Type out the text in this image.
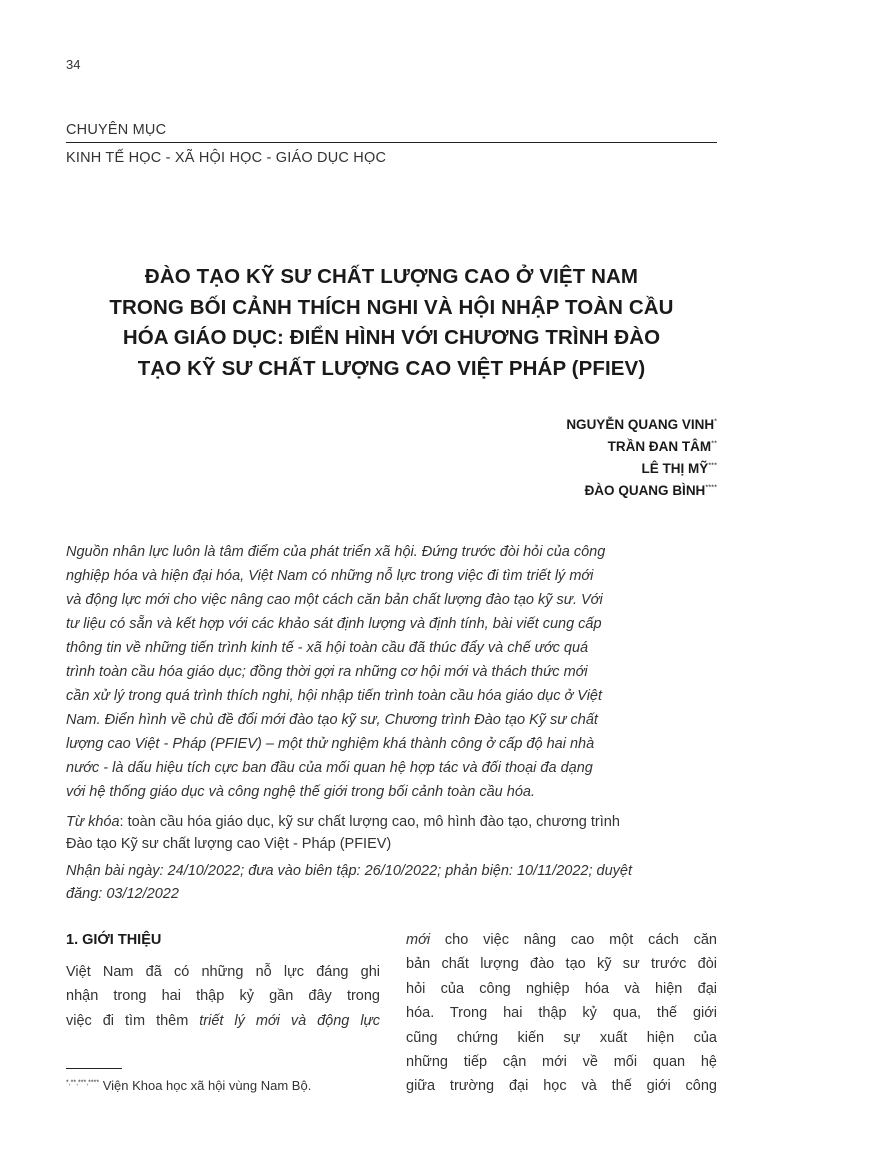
34
CHUYÊN MỤC
KINH TẾ HỌC - XÃ HỘI HỌC - GIÁO DỤC HỌC
ĐÀO TẠO KỸ SƯ CHẤT LƯỢNG CAO Ở VIỆT NAM
TRONG BỐI CẢNH THÍCH NGHI VÀ HỘI NHẬP TOÀN CẦU
HÓA GIÁO DỤC: ĐIỂN HÌNH VỚI CHƯƠNG TRÌNH ĐÀO
TẠO KỸ SƯ CHẤT LƯỢNG CAO VIỆT PHÁP (PFIEV)
NGUYỄN QUANG VINH*
TRẦN ĐAN TÂM**
LÊ THỊ MỸ***
ĐÀO QUANG BÌNH****
Nguồn nhân lực luôn là tâm điểm của phát triển xã hội. Đứng trước đòi hỏi của công
nghiệp hóa và hiện đại hóa, Việt Nam có những nỗ lực trong việc đi tìm triết lý mới
và động lực mới cho việc nâng cao một cách căn bản chất lượng đào tạo kỹ sư. Với
tư liệu có sẵn và kết hợp với các khảo sát định lượng và định tính, bài viết cung cấp
thông tin về những tiến trình kinh tế - xã hội toàn cầu đã thúc đẩy và chế ước quá
trình toàn cầu hóa giáo dục; đồng thời gợi ra những cơ hội mới và thách thức mới
cần xử lý trong quá trình thích nghi, hội nhập tiến trình toàn cầu hóa giáo dục ở Việt
Nam. Điển hình về chủ đề đổi mới đào tạo kỹ sư, Chương trình Đào tạo Kỹ sư chất
lượng cao Việt - Pháp (PFIEV) – một thử nghiệm khá thành công ở cấp độ hai nhà
nước - là dấu hiệu tích cực ban đầu của mối quan hệ hợp tác và đối thoại đa dạng
với hệ thống giáo dục và công nghệ thế giới trong bối cảnh toàn cầu hóa.
Từ khóa: toàn cầu hóa giáo dục, kỹ sư chất lượng cao, mô hình đào tạo, chương trình
Đào tạo Kỹ sư chất lượng cao Việt - Pháp (PFIEV)
Nhận bài ngày: 24/10/2022; đưa vào biên tập: 26/10/2022; phản biện: 10/11/2022; duyệt
đăng: 03/12/2022
1. GIỚI THIỆU
Việt Nam đã có những nỗ lực đáng ghi
nhận trong hai thập kỷ gần đây trong
việc đi tìm thêm triết lý mới và động lực
mới cho việc nâng cao một cách căn
bản chất lượng đào tạo kỹ sư trước đòi
hỏi của công nghiệp hóa và hiện đại
hóa. Trong hai thập kỷ qua, thế giới
cũng chứng kiến sự xuất hiện của
những tiếp cận mới về mối quan hệ
giữa trường đại học và thế giới công
*,**,***,**** Viện Khoa học xã hội vùng Nam Bộ.
